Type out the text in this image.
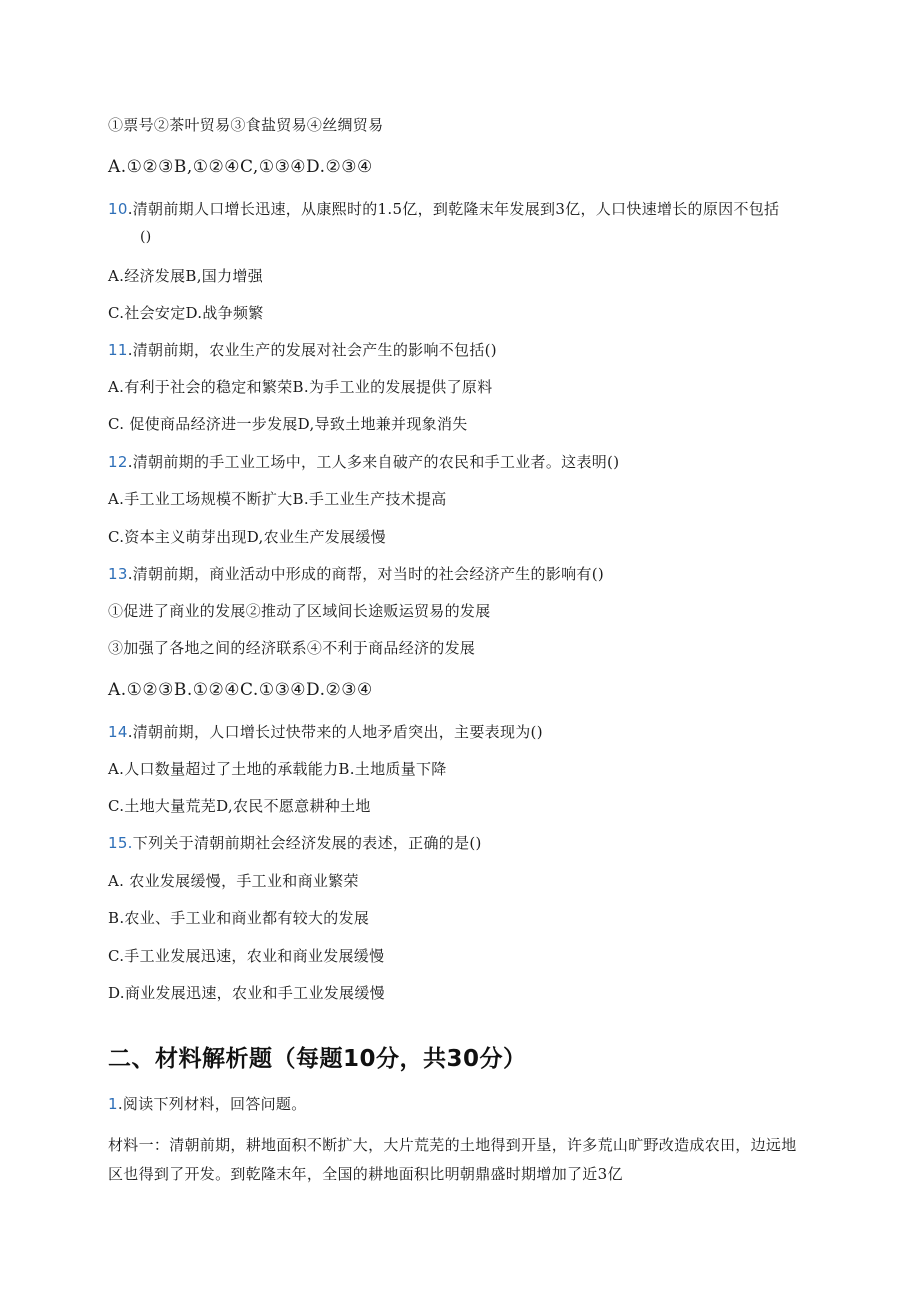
①票号②茶叶贸易③食盐贸易④丝绸贸易
A.①②③B,①②④C,①③④D.②③④
10.清朝前期人口增长迅速，从康熙时的1.5亿，到乾隆末年发展到3亿，人口快速增长的原因不包括
()
A.经济发展B,国力增强
C.社会安定D.战争频繁
11.清朝前期，农业生产的发展对社会产生的影响不包括()
A.有利于社会的稳定和繁荣B.为手工业的发展提供了原料
C. 促使商品经济进一步发展D,导致土地兼并现象消失
12.清朝前期的手工业工场中，工人多来自破产的农民和手工业者。这表明()
A.手工业工场规模不断扩大B.手工业生产技术提高
C.资本主义萌芽出现D,农业生产发展缓慢
13.清朝前期，商业活动中形成的商帮，对当时的社会经济产生的影响有()
①促进了商业的发展②推动了区域间长途贩运贸易的发展
③加强了各地之间的经济联系④不利于商品经济的发展
A.①②③B.①②④C.①③④D.②③④
14.清朝前期，人口增长过快带来的人地矛盾突出，主要表现为()
A.人口数量超过了土地的承载能力B.土地质量下降
C.土地大量荒芜D,农民不愿意耕种土地
15.下列关于清朝前期社会经济发展的表述，正确的是()
A. 农业发展缓慢，手工业和商业繁荣
B.农业、手工业和商业都有较大的发展
C.手工业发展迅速，农业和商业发展缓慢
D.商业发展迅速，农业和手工业发展缓慢
二、材料解析题（每题10分，共30分）
1.阅读下列材料，回答问题。
材料一：清朝前期，耕地面积不断扩大，大片荒芜的土地得到开垦，许多荒山旷野改造成农田，边远地
区也得到了开发。到乾隆末年，全国的耕地面积比明朝鼎盛时期增加了近3亿
